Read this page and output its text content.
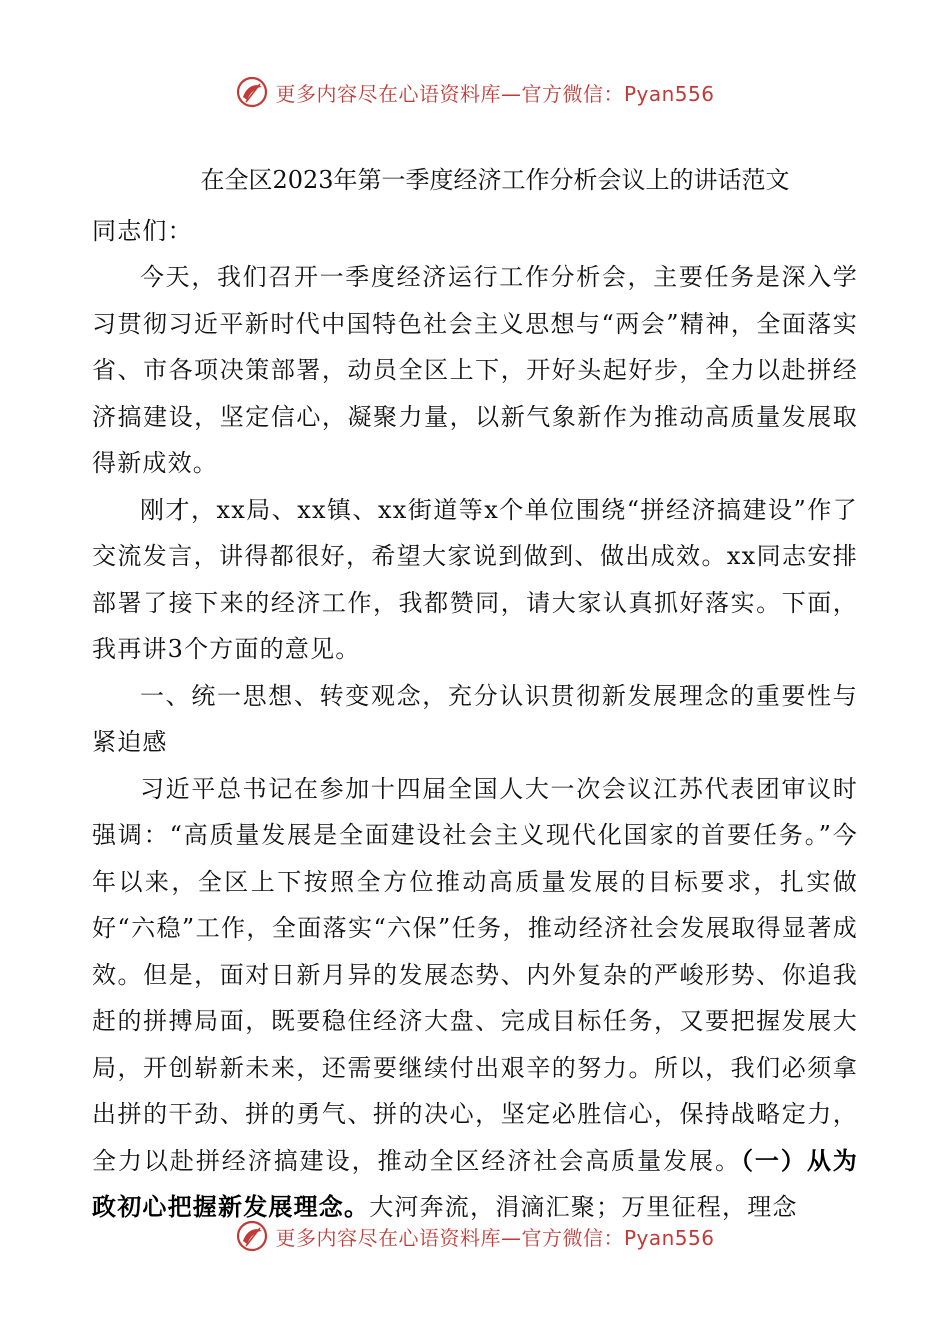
更多内容尽在心语资料库—官方微信：Pyan556
在全区2023年第一季度经济工作分析会议上的讲话范文

同志们：

今天，我们召开一季度经济运行工作分析会，主要任务是深入学习贯彻习近平新时代中国特色社会主义思想与“两会”精神，全面落实省、市各项决策部署，动员全区上下，开好头起好步，全力以赴拼经济搞建设，坚定信心，凝聚力量，以新气象新作为推动高质量发展取得新成效。

刚才，xx局、xx镇、xx街道等x个单位围绕“拼经济搞建设”作了交流发言，讲得都很好，希望大家说到做到、做出成效。xx同志安排部署了接下来的经济工作，我都赞同，请大家认真抓好落实。下面，我再讲3个方面的意见。

一、统一思想、转变观念，充分认识贯彻新发展理念的重要性与紧迫感

习近平总书记在参加十四届全国人大一次会议江苏代表团审议时强调：“高质量发展是全面建设社会主义现代化国家的首要任务。”今年以来，全区上下按照全方位推动高质量发展的目标要求，扎实做好“六稳”工作，全面落实“六保”任务，推动经济社会发展取得显著成效。但是，面对日新月异的发展态势、内外复杂的严峻形势、你追我赶的拼搏局面，既要稳住经济大盘、完成目标任务，又要把握发展大局，开创崭新未来，还需要继续付出艰辛的努力。所以，我们必须拿出拼的干劲、拼的勇气、拼的决心，坚定必胜信心，保持战略定力，全力以赴拼经济搞建设，推动全区经济社会高质量发展。（一）从为政初心把握新发展理念。大河奔流，涓滴汇聚；万里征程，理念

更多内容尽在心语资料库—官方微信：Pyan556
